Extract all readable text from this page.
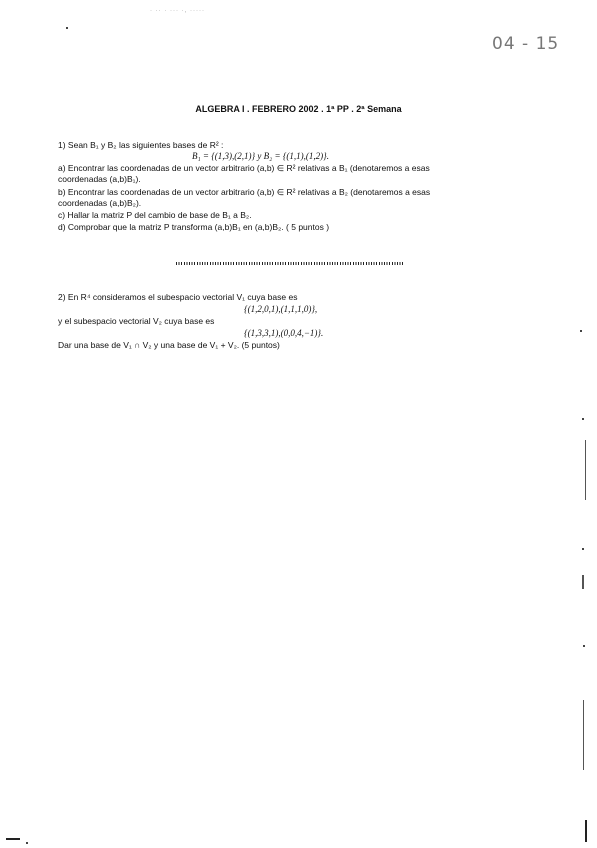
· ·· · ··· ·, ·····
04 - 15
ALGEBRA I . FEBRERO 2002 . 1ª PP . 2ª Semana
1) Sean B₁ y B₂ las siguientes bases de R² :
B₁ = {(1,3),(2,1)} y B₂ = {(1,1),(1,2)}.
a) Encontrar las coordenadas de un vector arbitrario (a,b) ∈ R² relativas a B₁ (denotaremos a esas
coordenadas (a,b)B₁).
b) Encontrar las coordenadas de un vector arbitrario (a,b) ∈ R² relativas a B₂ (denotaremos a esas
coordenadas (a,b)B₂).
c) Hallar la matriz P del cambio de base de B₁ a B₂.
d) Comprobar que la matriz P transforma (a,b)B₁ en (a,b)B₂. ( 5 puntos )
2) En R⁴ consideramos el subespacio vectorial V₁ cuya base es
{(1,2,0,1),(1,1,1,0)},
y el subespacio vectorial V₂ cuya base es
{(1,3,3,1),(0,0,4,−1)}.
Dar una base de V₁ ∩ V₂ y una base de V₁ + V₂. (5 puntos)
